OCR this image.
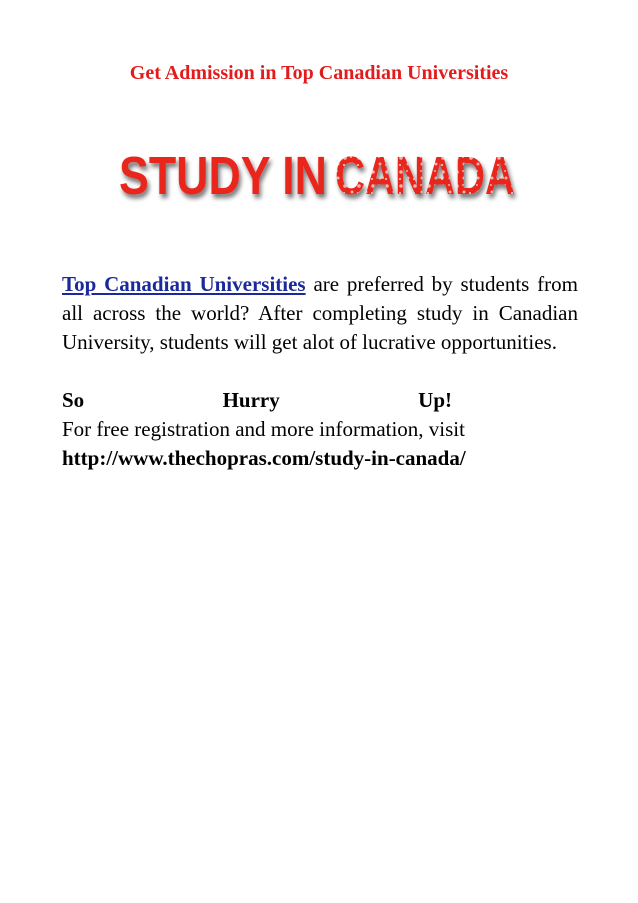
Get Admission in Top Canadian Universities
STUDY IN CANADA

Top Canadian Universities are preferred by students from all across the world? After completing study in Canadian University, students will get alot of lucrative opportunities.

So	Hurry	Up!

For free registration and more information, visit

http://www.thechopras.com/study-in-canada/
